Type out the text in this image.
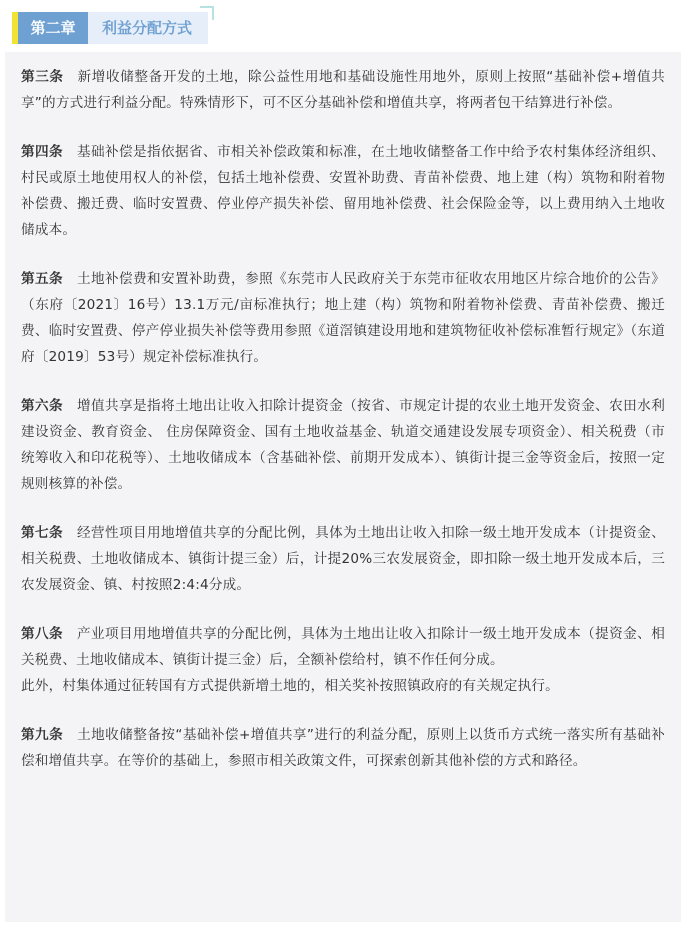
第二章	利益分配方式

第三条 新增收储整备开发的土地，除公益性用地和基础设施性用地外，原则上按照“基础补偿+增值共享”的方式进行利益分配。特殊情形下，可不区分基础补偿和增值共享，将两者包干结算进行补偿。

第四条 基础补偿是指依据省、市相关补偿政策和标准，在土地收储整备工作中给予农村集体经济组织、村民或原土地使用权人的补偿，包括土地补偿费、安置补助费、青苗补偿费、地上建（构）筑物和附着物补偿费、搬迁费、临时安置费、停业停产损失补偿、留用地补偿费、社会保险金等，以上费用纳入土地收储成本。

第五条 土地补偿费和安置补助费，参照《东莞市人民政府关于东莞市征收农用地区片综合地价的公告》（东府〔2021〕16号）13.1万元/亩标准执行；地上建（构）筑物和附着物补偿费、青苗补偿费、搬迁费、临时安置费、停产停业损失补偿等费用参照《道滘镇建设用地和建筑物征收补偿标准暂行规定》（东道府〔2019〕53号）规定补偿标准执行。

第六条 增值共享是指将土地出让收入扣除计提资金（按省、市规定计提的农业土地开发资金、农田水利建设资金、教育资金、 住房保障资金、国有土地收益基金、轨道交通建设发展专项资金）、相关税费（市统筹收入和印花税等）、土地收储成本（含基础补偿、前期开发成本）、镇街计提三金等资金后，按照一定规则核算的补偿。

第七条 经营性项目用地增值共享的分配比例，具体为土地出让收入扣除一级土地开发成本（计提资金、相关税费、土地收储成本、镇街计提三金）后，计提20%三农发展资金，即扣除一级土地开发成本后，三农发展资金、镇、村按照2:4:4分成。

第八条 产业项目用地增值共享的分配比例，具体为土地出让收入扣除计一级土地开发成本（提资金、相关税费、土地收储成本、镇街计提三金）后，全额补偿给村，镇不作任何分成。
此外，村集体通过征转国有方式提供新增土地的，相关奖补按照镇政府的有关规定执行。

第九条 土地收储整备按“基础补偿+增值共享”进行的利益分配，原则上以货币方式统一落实所有基础补偿和增值共享。在等价的基础上，参照市相关政策文件，可探索创新其他补偿的方式和路径。
